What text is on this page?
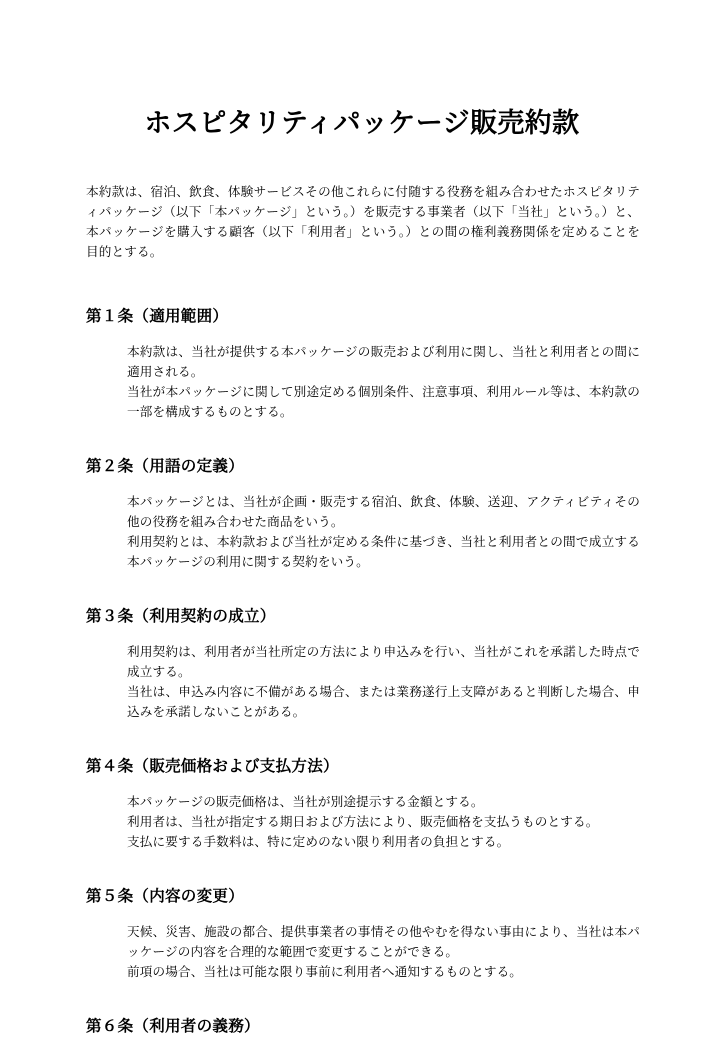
ホスピタリティパッケージ販売約款

本約款は、宿泊、飲食、体験サービスその他これらに付随する役務を組み合わせたホスピタリティパッケージ（以下「本パッケージ」という。）を販売する事業者（以下「当社」という。）と、本パッケージを購入する顧客（以下「利用者」という。）との間の権利義務関係を定めることを目的とする。

第１条（適用範囲）

本約款は、当社が提供する本パッケージの販売および利用に関し、当社と利用者との間に適用される。

当社が本パッケージに関して別途定める個別条件、注意事項、利用ルール等は、本約款の一部を構成するものとする。

第２条（用語の定義）

本パッケージとは、当社が企画・販売する宿泊、飲食、体験、送迎、アクティビティその他の役務を組み合わせた商品をいう。

利用契約とは、本約款および当社が定める条件に基づき、当社と利用者との間で成立する本パッケージの利用に関する契約をいう。

第３条（利用契約の成立）

利用契約は、利用者が当社所定の方法により申込みを行い、当社がこれを承諾した時点で成立する。

当社は、申込み内容に不備がある場合、または業務遂行上支障があると判断した場合、申込みを承諾しないことがある。

第４条（販売価格および支払方法）

本パッケージの販売価格は、当社が別途提示する金額とする。

利用者は、当社が指定する期日および方法により、販売価格を支払うものとする。

支払に要する手数料は、特に定めのない限り利用者の負担とする。

第５条（内容の変更）

天候、災害、施設の都合、提供事業者の事情その他やむを得ない事由により、当社は本パッケージの内容を合理的な範囲で変更することができる。

前項の場合、当社は可能な限り事前に利用者へ通知するものとする。

第６条（利用者の義務）
